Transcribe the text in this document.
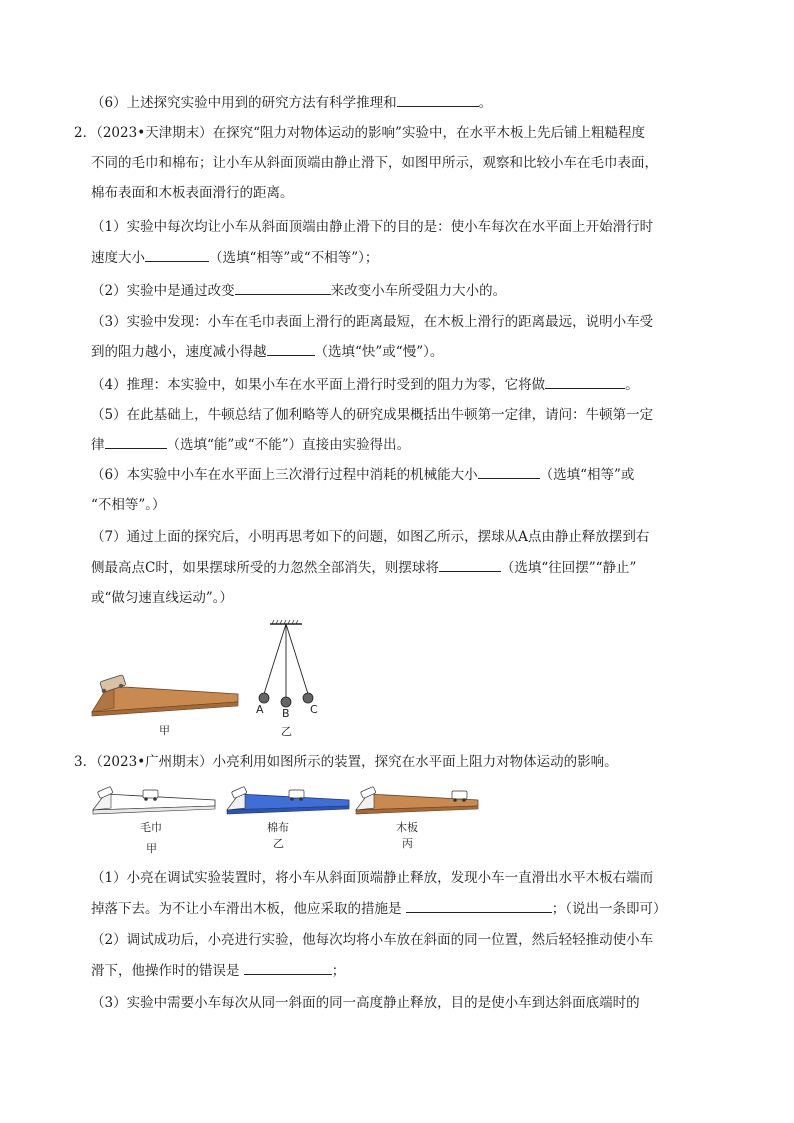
（6）上述探究实验中用到的研究方法有科学推理和	。
2．（2023•天津期末）在探究“阻力对物体运动的影响”实验中，在水平木板上先后铺上粗糙程度
不同的毛巾和棉布；让小车从斜面顶端由静止滑下，如图甲所示，观察和比较小车在毛巾表面，
棉布表面和木板表面滑行的距离。
（1）实验中每次均让小车从斜面顶端由静止滑下的目的是：使小车每次在水平面上开始滑行时
速度大小	（选填“相等”或“不相等”）；
（2）实验中是通过改变	来改变小车所受阻力大小的。
（3）实验中发现：小车在毛巾表面上滑行的距离最短，在木板上滑行的距离最远，说明小车受
到的阻力越小，速度减小得越	（选填“快”或“慢”）。
（4）推理：本实验中，如果小车在水平面上滑行时受到的阻力为零，它将做	。
（5）在此基础上，牛顿总结了伽利略等人的研究成果概括出牛顿第一定律，请问：牛顿第一定
律	（选填“能”或“不能”）直接由实验得出。
（6）本实验中小车在水平面上三次滑行过程中消耗的机械能大小	（选填“相等”或
“不相等”。）
（7）通过上面的探究后，小明再思考如下的问题，如图乙所示，摆球从A点由静止释放摆到右
侧最高点C时，如果摆球所受的力忽然全部消失，则摆球将	（选填“往回摆”“静止”
或“做匀速直线运动”。）
甲
A B C
乙
3．（2023•广州期末）小亮利用如图所示的装置，探究在水平面上阻力对物体运动的影响。
毛巾
甲
棉布
乙
木板
丙
（1）小亮在调试实验装置时，将小车从斜面顶端静止释放，发现小车一直滑出水平木板右端而
掉落下去。为不让小车滑出木板，他应采取的措施是	；（说出一条即可）
（2）调试成功后，小亮进行实验，他每次均将小车放在斜面的同一位置，然后轻轻推动使小车
滑下，他操作时的错误是	；
（3）实验中需要小车每次从同一斜面的同一高度静止释放，目的是使小车到达斜面底端时的
